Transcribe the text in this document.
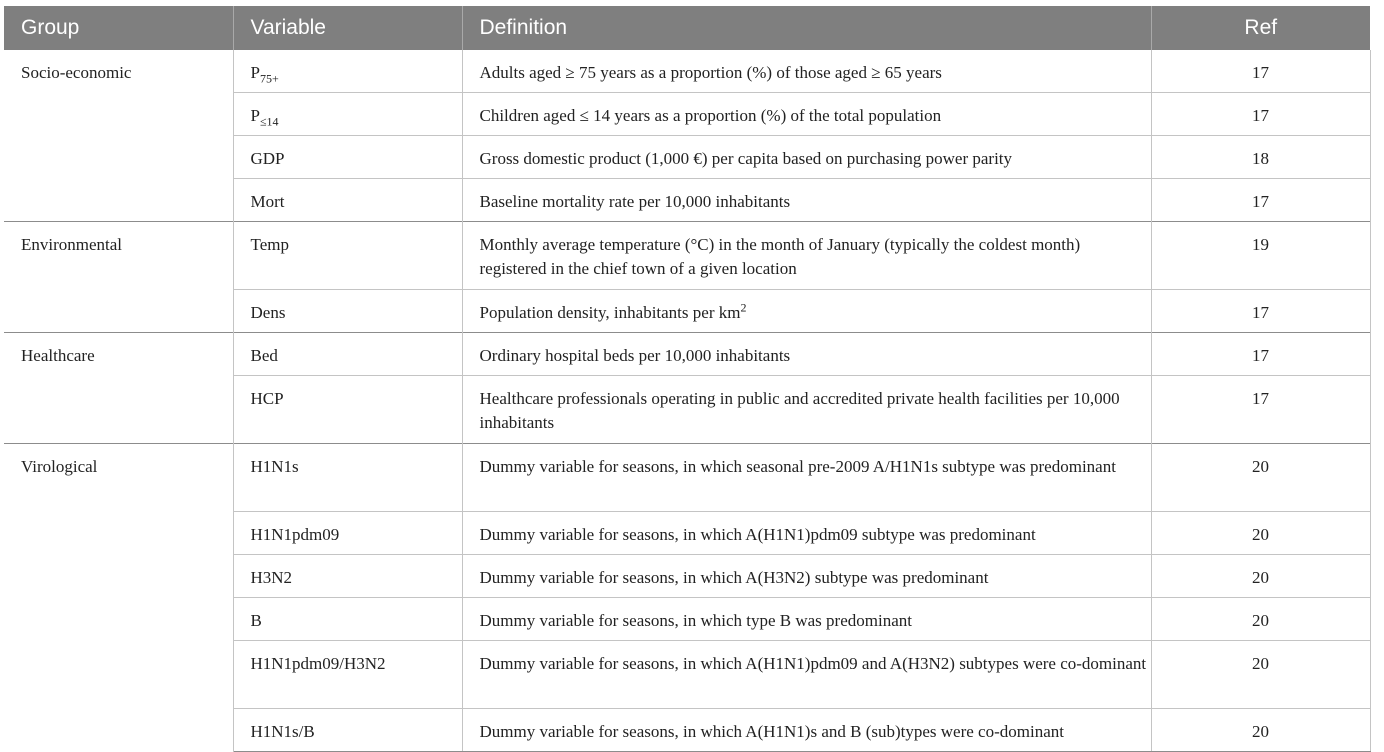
Group	Variable	Definition	Ref
Socio-economic	$P_{75+}$	Adults aged ≥ 75 years as a proportion (%) of those aged ≥ 65 years	17
	$P_{\le 14}$	Children aged ≤ 14 years as a proportion (%) of the total population	17
	GDP	Gross domestic product (1,000 €) per capita based on purchasing power parity	18
	Mort	Baseline mortality rate per 10,000 inhabitants	17
Environmental	Temp	Monthly average temperature (°C) in the month of January (typically the coldest month) registered in the chief town of a given location	19
	Dens	Population density, inhabitants per $km^2$	17
Healthcare	Bed	Ordinary hospital beds per 10,000 inhabitants	17
	HCP	Healthcare professionals operating in public and accredited private health facilities per 10,000 inhabitants	17
Virological	H1N1s	Dummy variable for seasons, in which seasonal pre-2009 A/H1N1s subtype was predominant	20
	H1N1pdm09	Dummy variable for seasons, in which A(H1N1)pdm09 subtype was predominant	20
	H3N2	Dummy variable for seasons, in which A(H3N2) subtype was predominant	20
	B	Dummy variable for seasons, in which type B was predominant	20
	H1N1pdm09/H3N2	Dummy variable for seasons, in which A(H1N1)pdm09 and A(H3N2) subtypes were co-dominant	20
	H1N1s/B	Dummy variable for seasons, in which A(H1N1)s and B (sub)types were co-dominant	20
